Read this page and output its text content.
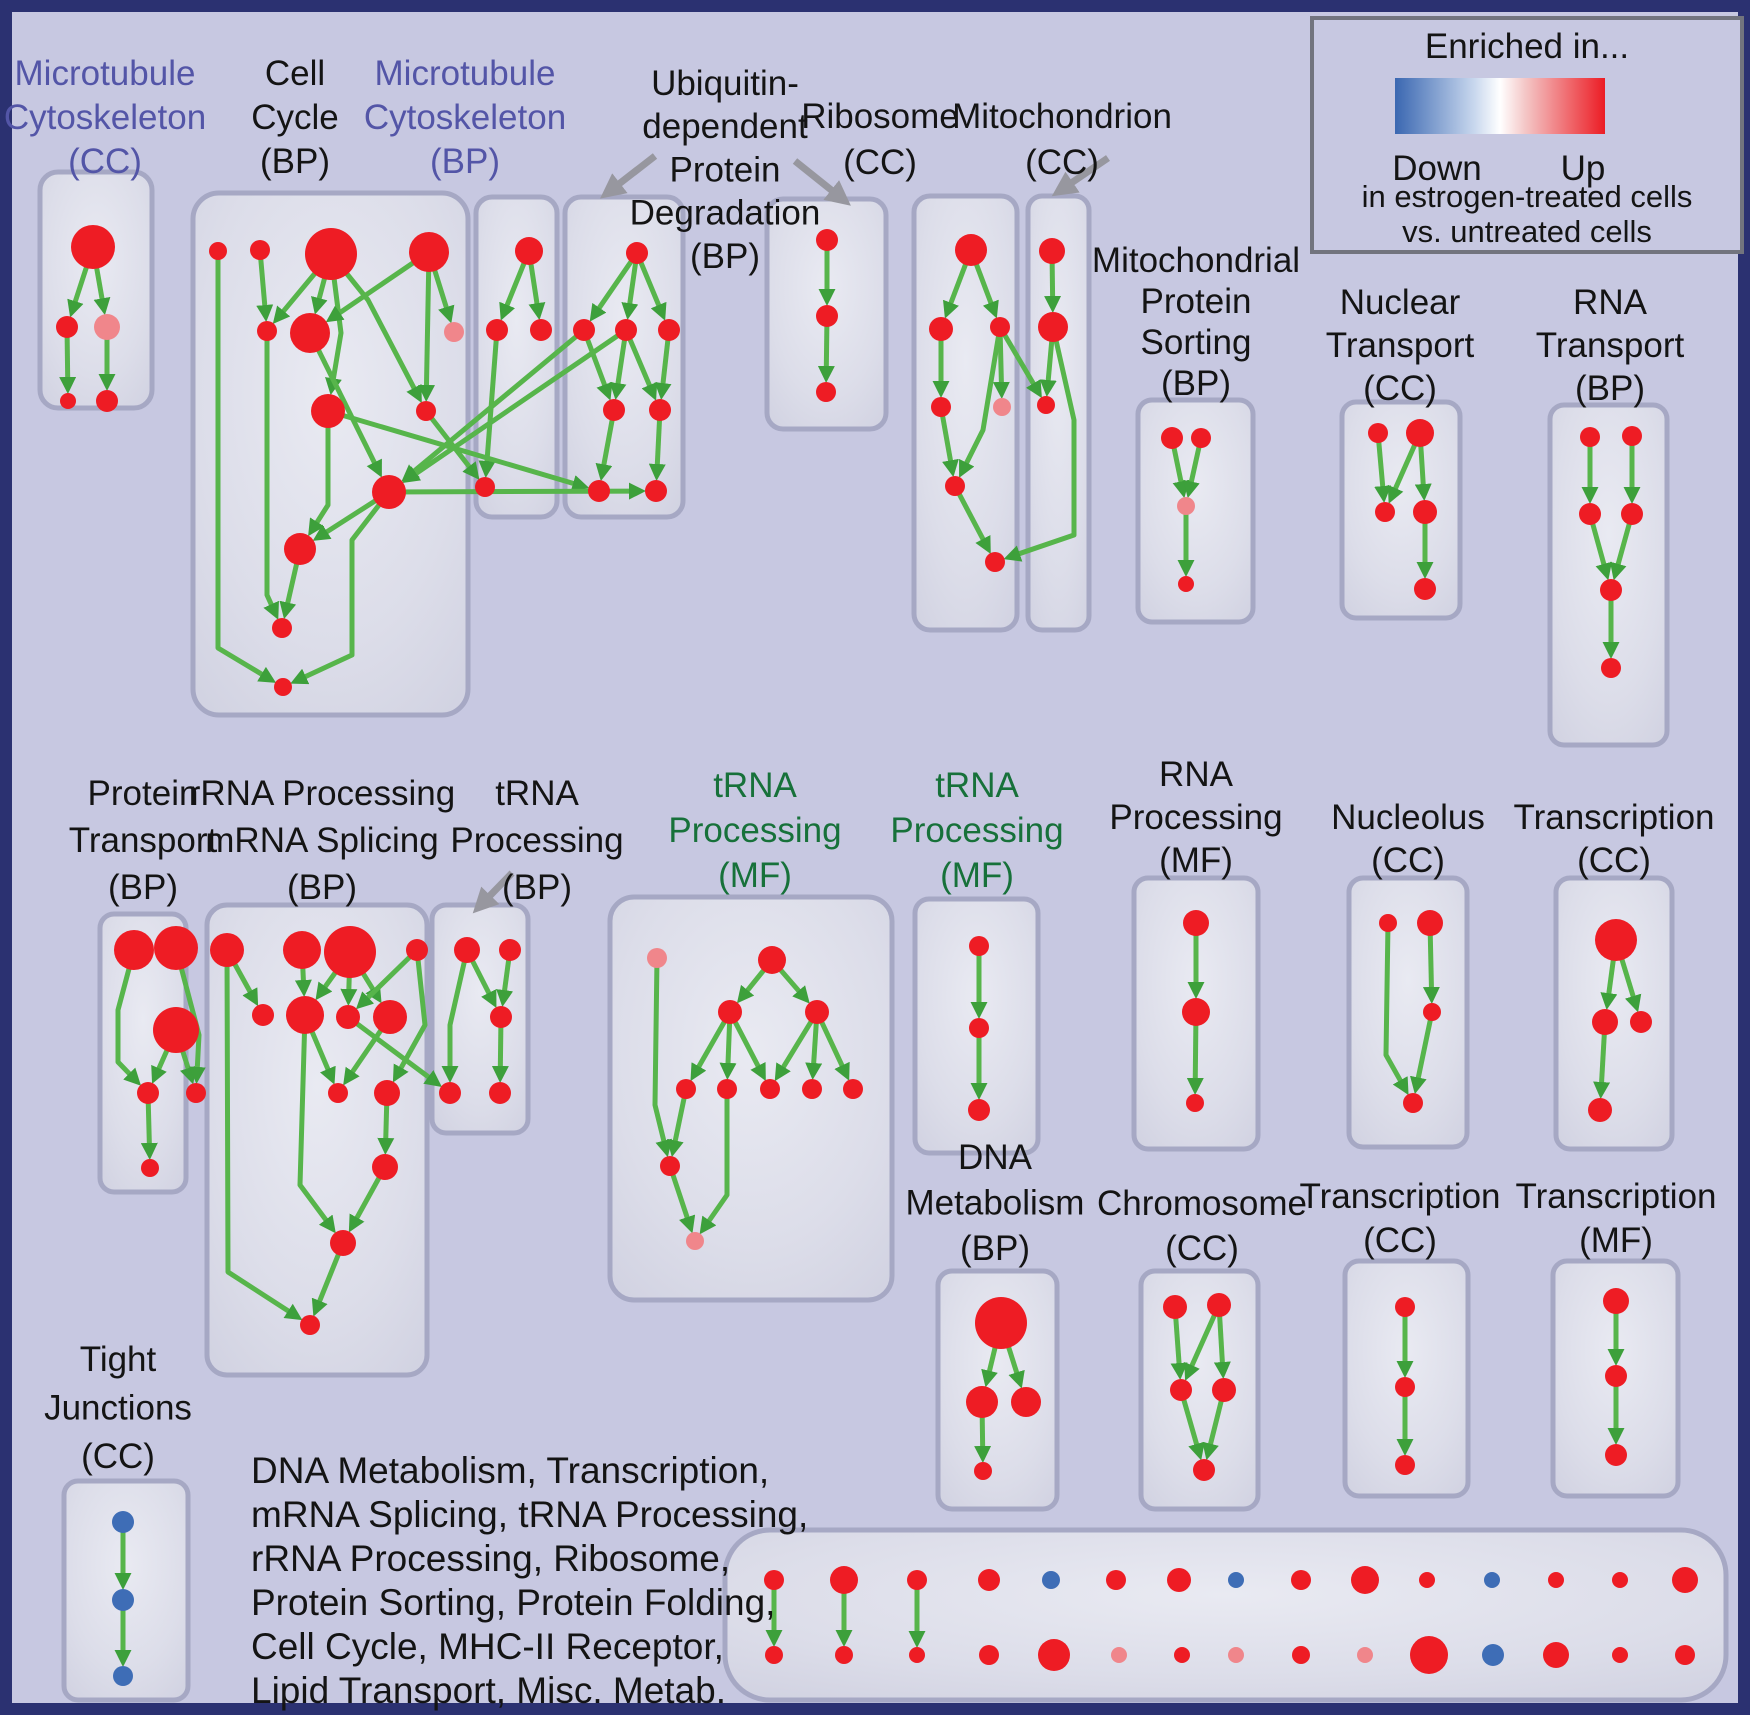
Microtubule
Cytoskeleton
(CC)
Cell
Cycle
(BP)
Microtubule
Cytoskeleton
(BP)
Ubiquitin-
dependent
Protein
Degradation
(BP)
Ribosome
(CC)
Mitochondrion
(CC)
Mitochondrial
Protein
Sorting
(BP)
Nuclear
Transport
(CC)
RNA
Transport
(BP)
Protein
Transport
(BP)
rRNA Processing
mRNA Splicing
(BP)
tRNA
Processing
(BP)
tRNA
Processing
(MF)
tRNA
Processing
(MF)
RNA
Processing
(MF)
Nucleolus
(CC)
Transcription
(CC)
DNA
Metabolism
(BP)
Chromosome
(CC)
Transcription
(CC)
Transcription
(MF)
Tight
Junctions
(CC)	DNA Metabolism, Transcription,
mRNA Splicing, tRNA Processing,
rRNA Processing, Ribosome,
Protein Sorting, Protein Folding,
Cell Cycle, MHC-II Receptor,
Lipid Transport, Misc. Metab.
Enriched in...
Down Up
in estrogen-treated cells
vs. untreated cells
